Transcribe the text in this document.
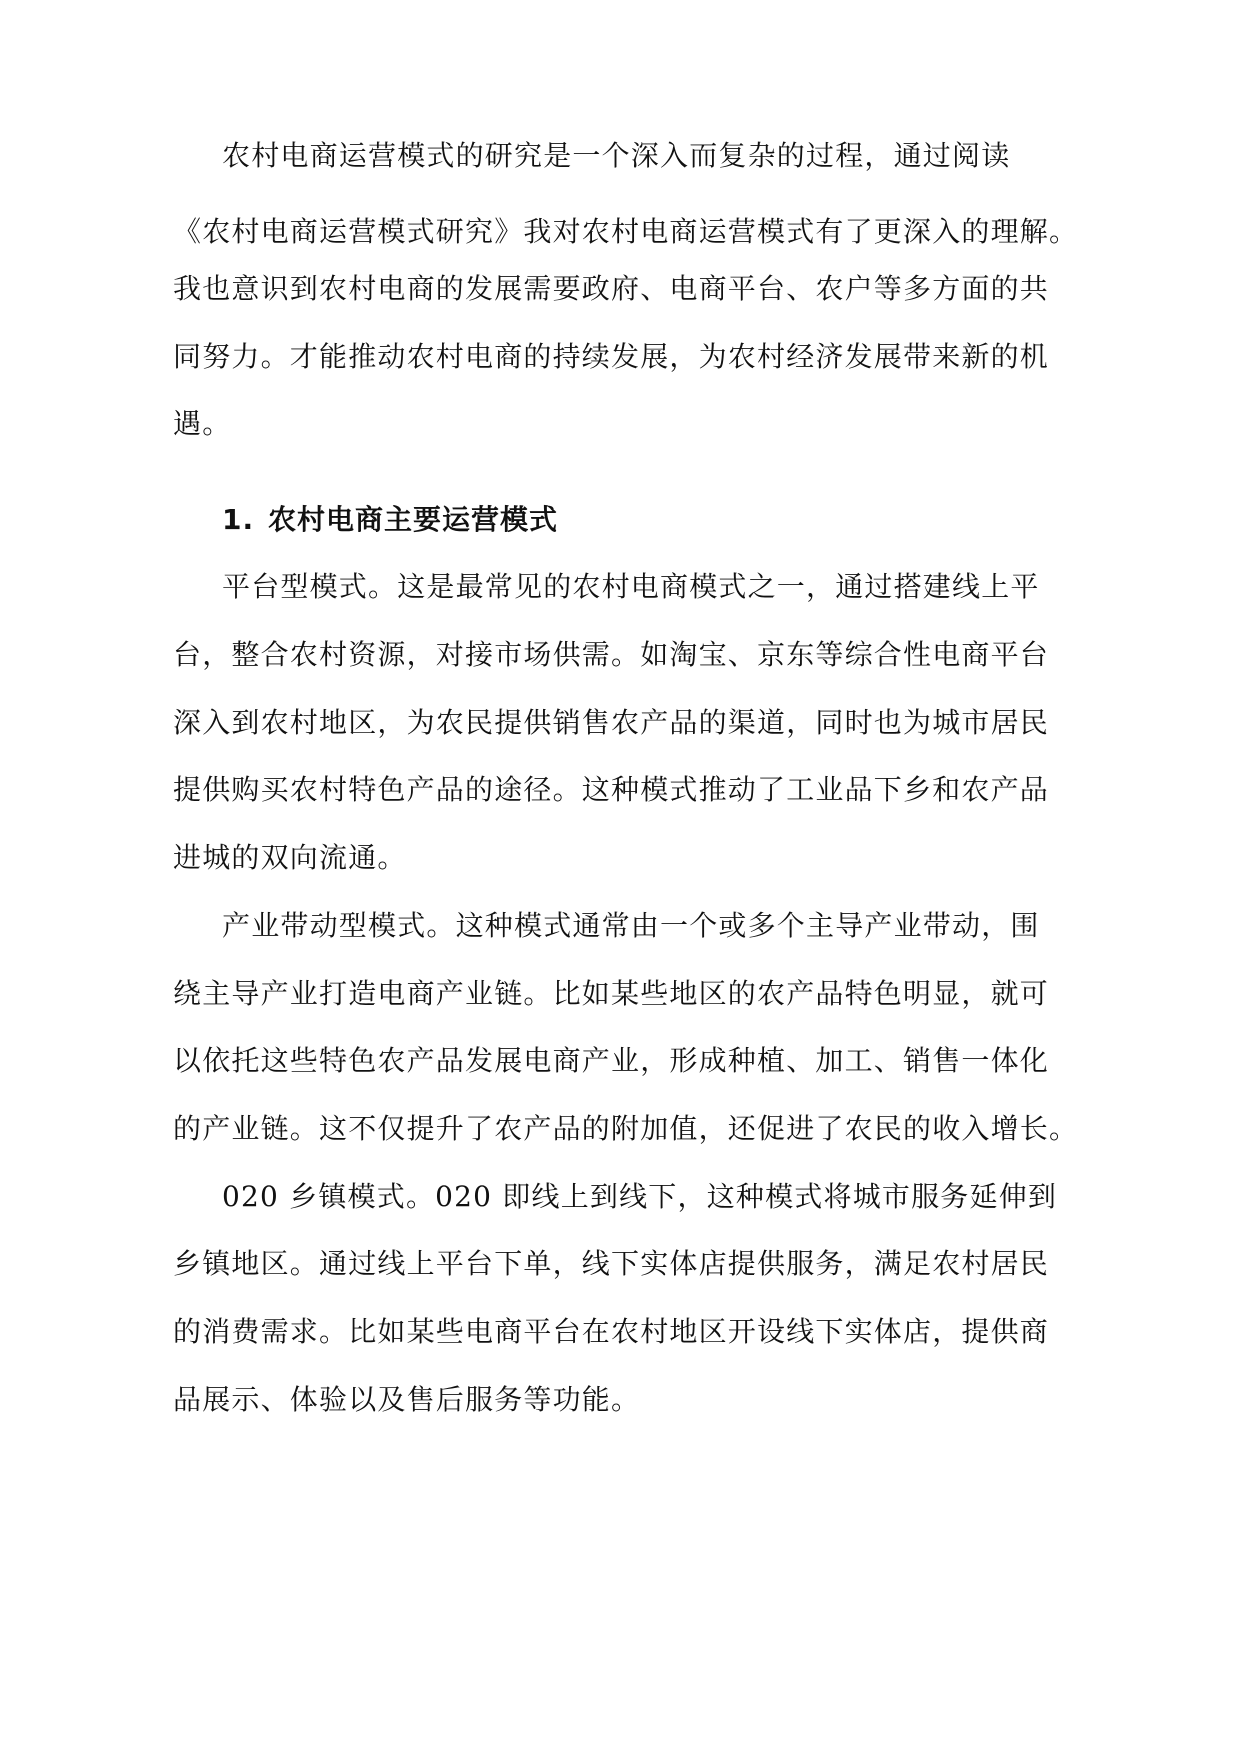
农村电商运营模式的研究是一个深入而复杂的过程，通过阅读
《农村电商运营模式研究》我对农村电商运营模式有了更深入的理解。
我也意识到农村电商的发展需要政府、电商平台、农户等多方面的共
同努力。才能推动农村电商的持续发展，为农村经济发展带来新的机
遇。
1. 农村电商主要运营模式
平台型模式。这是最常见的农村电商模式之一，通过搭建线上平
台，整合农村资源，对接市场供需。如淘宝、京东等综合性电商平台
深入到农村地区，为农民提供销售农产品的渠道，同时也为城市居民
提供购买农村特色产品的途径。这种模式推动了工业品下乡和农产品
进城的双向流通。
产业带动型模式。这种模式通常由一个或多个主导产业带动，围
绕主导产业打造电商产业链。比如某些地区的农产品特色明显，就可
以依托这些特色农产品发展电商产业，形成种植、加工、销售一体化
的产业链。这不仅提升了农产品的附加值，还促进了农民的收入增长。
020 乡镇模式。020 即线上到线下，这种模式将城市服务延伸到
乡镇地区。通过线上平台下单，线下实体店提供服务，满足农村居民
的消费需求。比如某些电商平台在农村地区开设线下实体店，提供商
品展示、体验以及售后服务等功能。
